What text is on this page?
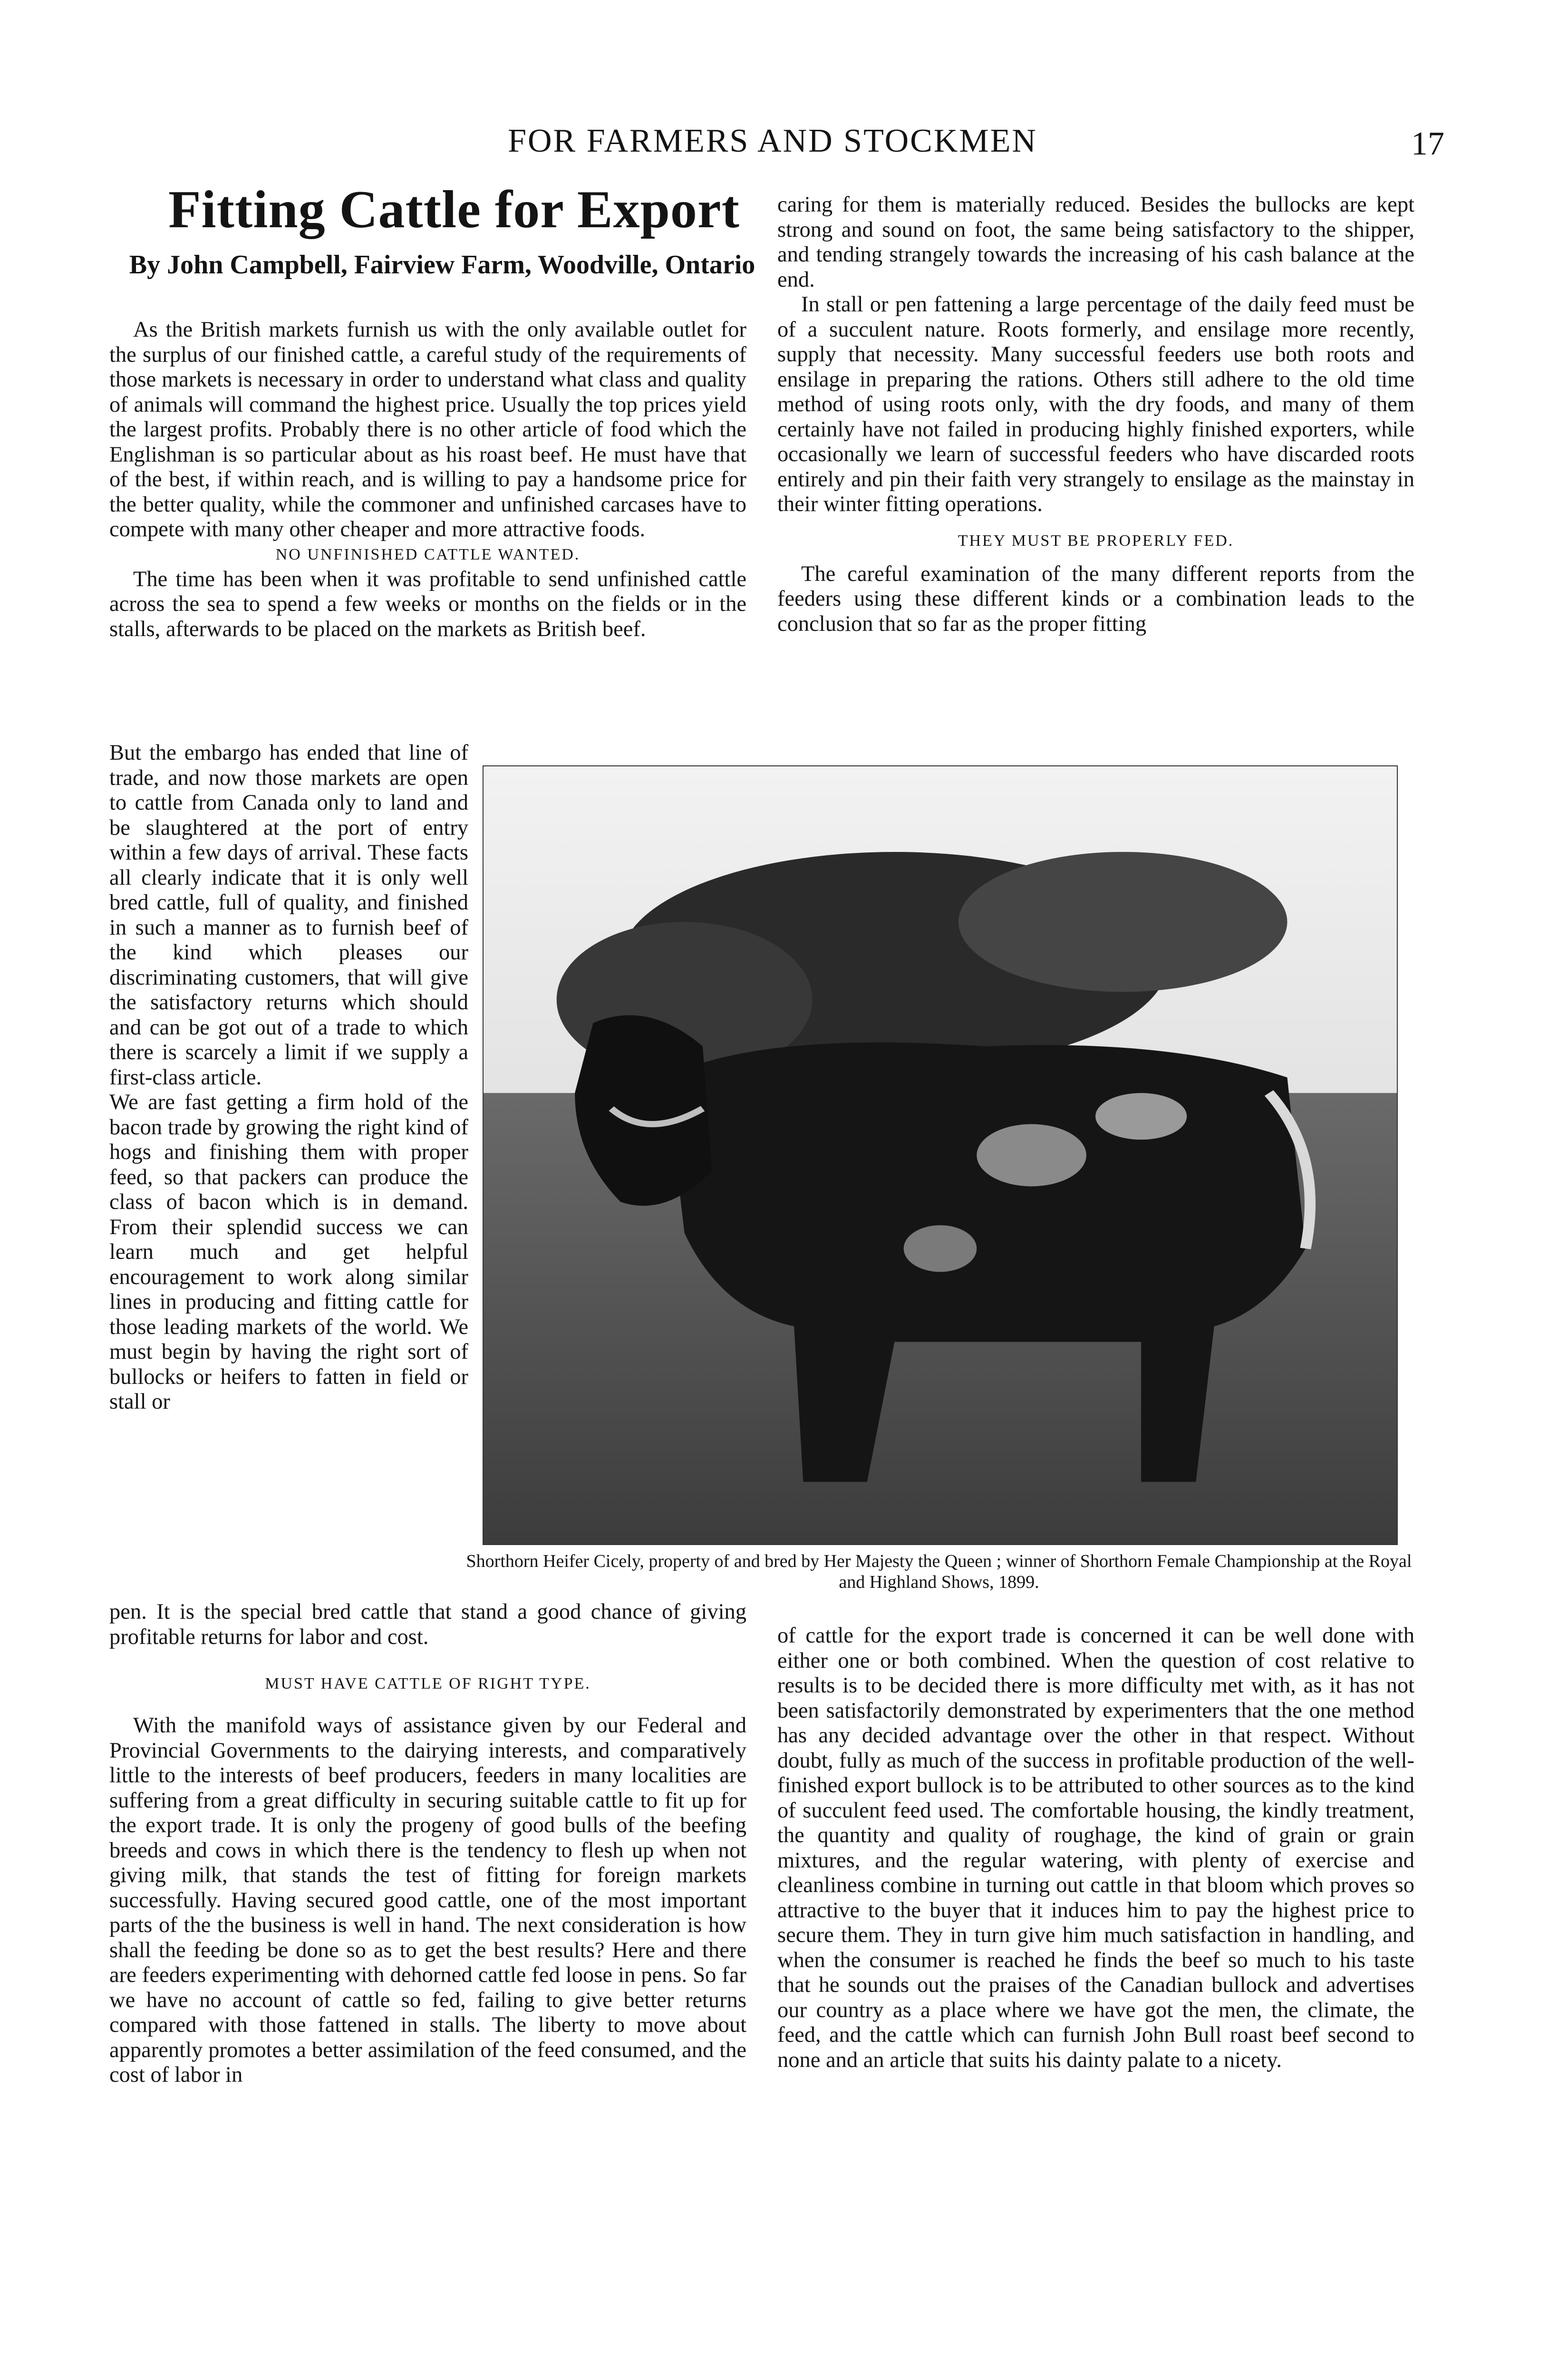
FOR FARMERS AND STOCKMEN	17
Fitting Cattle for Export
By John Campbell, Fairview Farm, Woodville, Ontario

As the British markets furnish us with the only available outlet for the surplus of our finished cattle, a careful study of the requirements of those markets is necessary in order to understand what class and quality of animals will command the highest price. Usually the top prices yield the largest profits. Probably there is no other article of food which the Englishman is so particular about as his roast beef. He must have that of the best, if within reach, and is willing to pay a handsome price for the better quality, while the commoner and unfinished carcases have to compete with many other cheaper and more attractive foods.

NO UNFINISHED CATTLE WANTED.

The time has been when it was profitable to send unfinished cattle across the sea to spend a few weeks or months on the fields or in the stalls, afterwards to be placed on the markets as British beef.

But the embargo has ended that line of trade, and now those markets are open to cattle from Canada only to land and be slaughtered at the port of entry within a few days of arrival. These facts all clearly indicate that it is only well bred cattle, full of quality, and finished in such a manner as to furnish beef of the kind which pleases our discriminating customers, that will give the satisfactory returns which should and can be got out of a trade to which there is scarcely a limit if we supply a first-class article.

We are fast getting a firm hold of the bacon trade by growing the right kind of hogs and finishing them with proper feed, so that packers can produce the class of bacon which is in demand. From their splendid success we can learn much and get helpful encouragement to work along similar lines in producing and fitting cattle for those leading markets of the world. We must begin by having the right sort of bullocks or heifers to fatten in field or stall or

Shorthorn Heifer Cicely, property of and bred by Her Majesty the Queen ; winner of Shorthorn Female Championship at the Royal and Highland Shows, 1899.

pen. It is the special bred cattle that stand a good chance of giving profitable returns for labor and cost.

MUST HAVE CATTLE OF RIGHT TYPE.

With the manifold ways of assistance given by our Federal and Provincial Governments to the dairying interests, and comparatively little to the interests of beef producers, feeders in many localities are suffering from a great difficulty in securing suitable cattle to fit up for the export trade. It is only the progeny of good bulls of the beefing breeds and cows in which there is the tendency to flesh up when not giving milk, that stands the test of fitting for foreign markets successfully. Having secured good cattle, one of the most important parts of the the business is well in hand. The next consideration is how shall the feeding be done so as to get the best results? Here and there are feeders experimenting with dehorned cattle fed loose in pens. So far we have no account of cattle so fed, failing to give better returns compared with those fattened in stalls. The liberty to move about apparently promotes a better assimilation of the feed consumed, and the cost of labor in

caring for them is materially reduced. Besides the bullocks are kept strong and sound on foot, the same being satisfactory to the shipper, and tending strangely towards the increasing of his cash balance at the end.

In stall or pen fattening a large percentage of the daily feed must be of a succulent nature. Roots formerly, and ensilage more recently, supply that necessity. Many successful feeders use both roots and ensilage in preparing the rations. Others still adhere to the old time method of using roots only, with the dry foods, and many of them certainly have not failed in producing highly finished exporters, while occasionally we learn of successful feeders who have discarded roots entirely and pin their faith very strangely to ensilage as the mainstay in their winter fitting operations.

THEY MUST BE PROPERLY FED.

The careful examination of the many different reports from the feeders using these different kinds or a combination leads to the conclusion that so far as the proper fitting

of cattle for the export trade is concerned it can be well done with either one or both combined. When the question of cost relative to results is to be decided there is more difficulty met with, as it has not been satisfactorily demonstrated by experimenters that the one method has any decided advantage over the other in that respect. Without doubt, fully as much of the success in profitable production of the well-finished export bullock is to be attributed to other sources as to the kind of succulent feed used. The comfortable housing, the kindly treatment, the quantity and quality of roughage, the kind of grain or grain mixtures, and the regular watering, with plenty of exercise and cleanliness combine in turning out cattle in that bloom which proves so attractive to the buyer that it induces him to pay the highest price to secure them. They in turn give him much satisfaction in handling, and when the consumer is reached he finds the beef so much to his taste that he sounds out the praises of the Canadian bullock and advertises our country as a place where we have got the men, the climate, the feed, and the cattle which can furnish John Bull roast beef second to none and an article that suits his dainty palate to a nicety.
